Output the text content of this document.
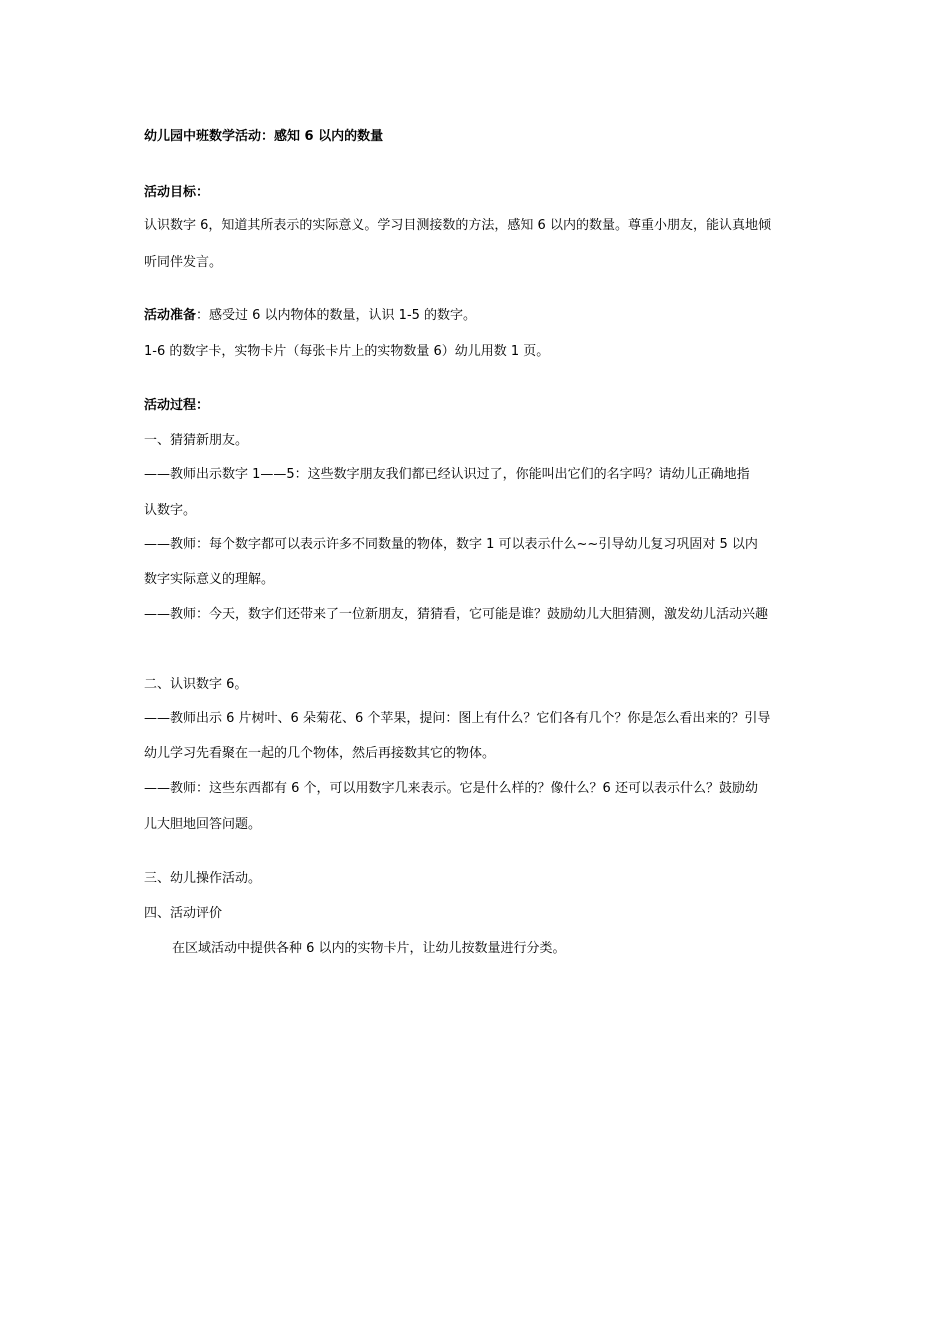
幼儿园中班数学活动：感知 6 以内的数量
活动目标：
认识数字 6，知道其所表示的实际意义。学习目测接数的方法，感知 6 以内的数量。尊重小朋友，能认真地倾
听同伴发言。
活动准备：感受过 6 以内物体的数量，认识 1-5 的数字。
1-6 的数字卡，实物卡片（每张卡片上的实物数量 6）幼儿用数 1 页。
活动过程：
一、猜猜新朋友。
——教师出示数字 1——5：这些数字朋友我们都已经认识过了，你能叫出它们的名字吗？请幼儿正确地指
认数字。
——教师：每个数字都可以表示许多不同数量的物体，数字 1 可以表示什么~~引导幼儿复习巩固对 5 以内
数字实际意义的理解。
——教师：今天，数字们还带来了一位新朋友，猜猜看，它可能是谁？鼓励幼儿大胆猜测，激发幼儿活动兴趣
二、认识数字 6。
——教师出示 6 片树叶、6 朵菊花、6 个苹果，提问：图上有什么？它们各有几个？你是怎么看出来的？引导
幼儿学习先看聚在一起的几个物体，然后再接数其它的物体。
——教师：这些东西都有 6 个，可以用数字几来表示。它是什么样的？像什么？6 还可以表示什么？鼓励幼
儿大胆地回答问题。
三、幼儿操作活动。
四、活动评价
在区域活动中提供各种 6 以内的实物卡片，让幼儿按数量进行分类。
